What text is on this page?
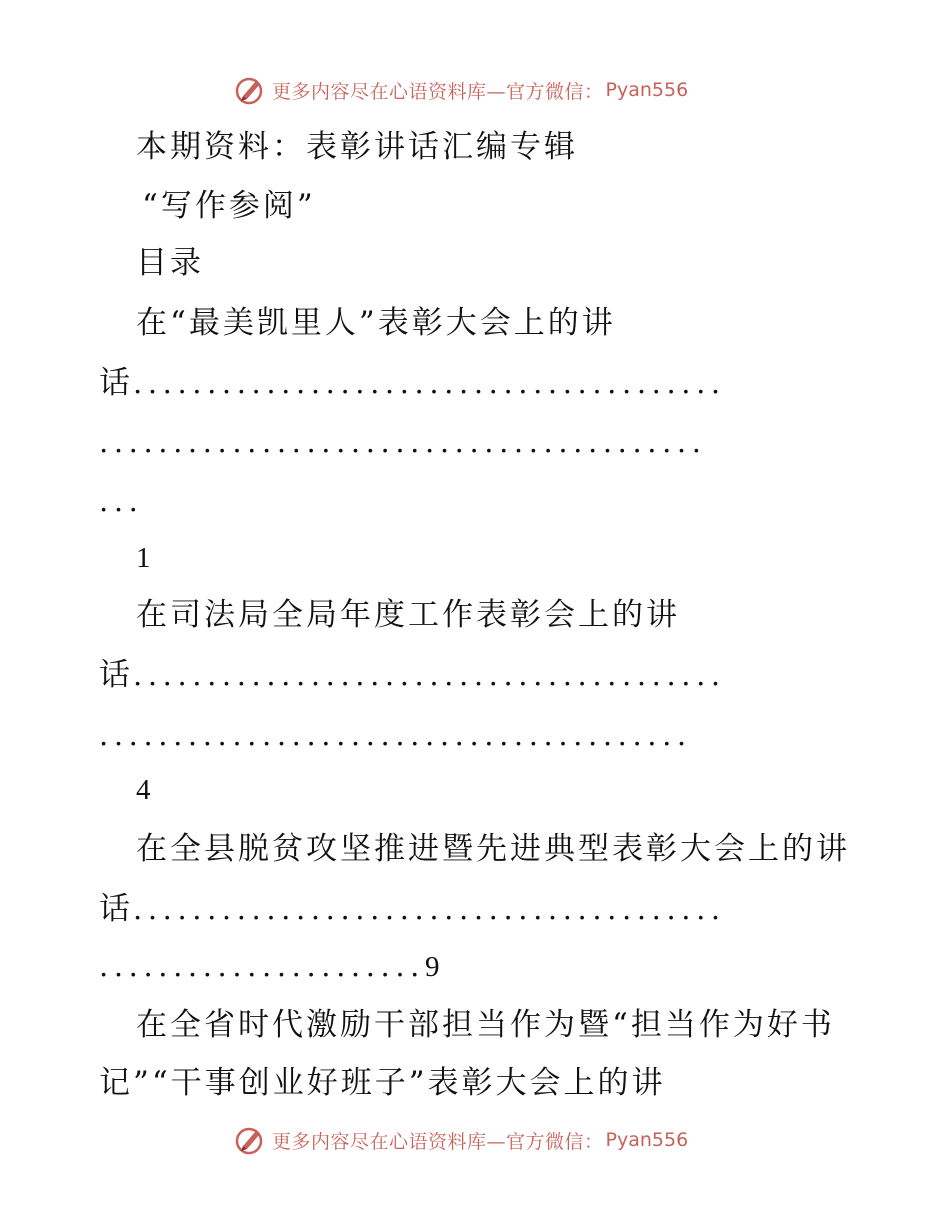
更多内容尽在心语资料库—官方微信： Pyan556
本期资料：表彰讲话汇编专辑
“写作参阅”
目录
在“最美凯里人”表彰大会上的讲
话........................................
.........................................
...
1
在司法局全局年度工作表彰会上的讲
话........................................
........................................
4
在全县脱贫攻坚推进暨先进典型表彰大会上的讲
话........................................
......................9
在全省时代激励干部担当作为暨“担当作为好书
记”“干事创业好班子”表彰大会上的讲
更多内容尽在心语资料库—官方微信： Pyan556
